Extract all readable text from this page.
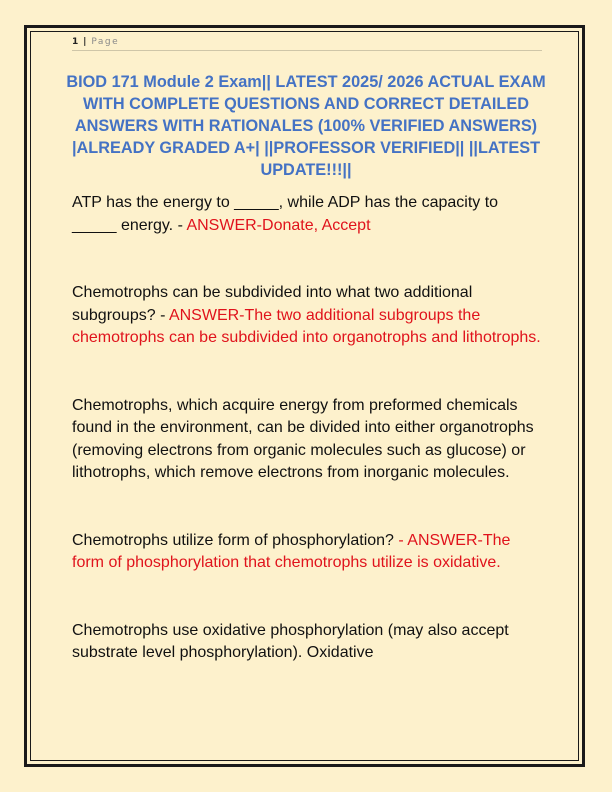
1 | Page
BIOD 171 Module 2 Exam|| LATEST 2025/ 2026 ACTUAL EXAM WITH COMPLETE QUESTIONS AND CORRECT DETAILED ANSWERS WITH RATIONALES (100% VERIFIED ANSWERS) |ALREADY GRADED A+| ||PROFESSOR VERIFIED|| ||LATEST UPDATE!!!||

ATP has the energy to _____, while ADP has the capacity to _____ energy. - ANSWER-Donate, Accept

Chemotrophs can be subdivided into what two additional subgroups? - ANSWER-The two additional subgroups the chemotrophs can be subdivided into organotrophs and lithotrophs.

Chemotrophs, which acquire energy from preformed chemicals found in the environment, can be divided into either organotrophs (removing electrons from organic molecules such as glucose) or lithotrophs, which remove electrons from inorganic molecules.

Chemotrophs utilize form of phosphorylation? - ANSWER-The form of phosphorylation that chemotrophs utilize is oxidative.

Chemotrophs use oxidative phosphorylation (may also accept substrate level phosphorylation). Oxidative
